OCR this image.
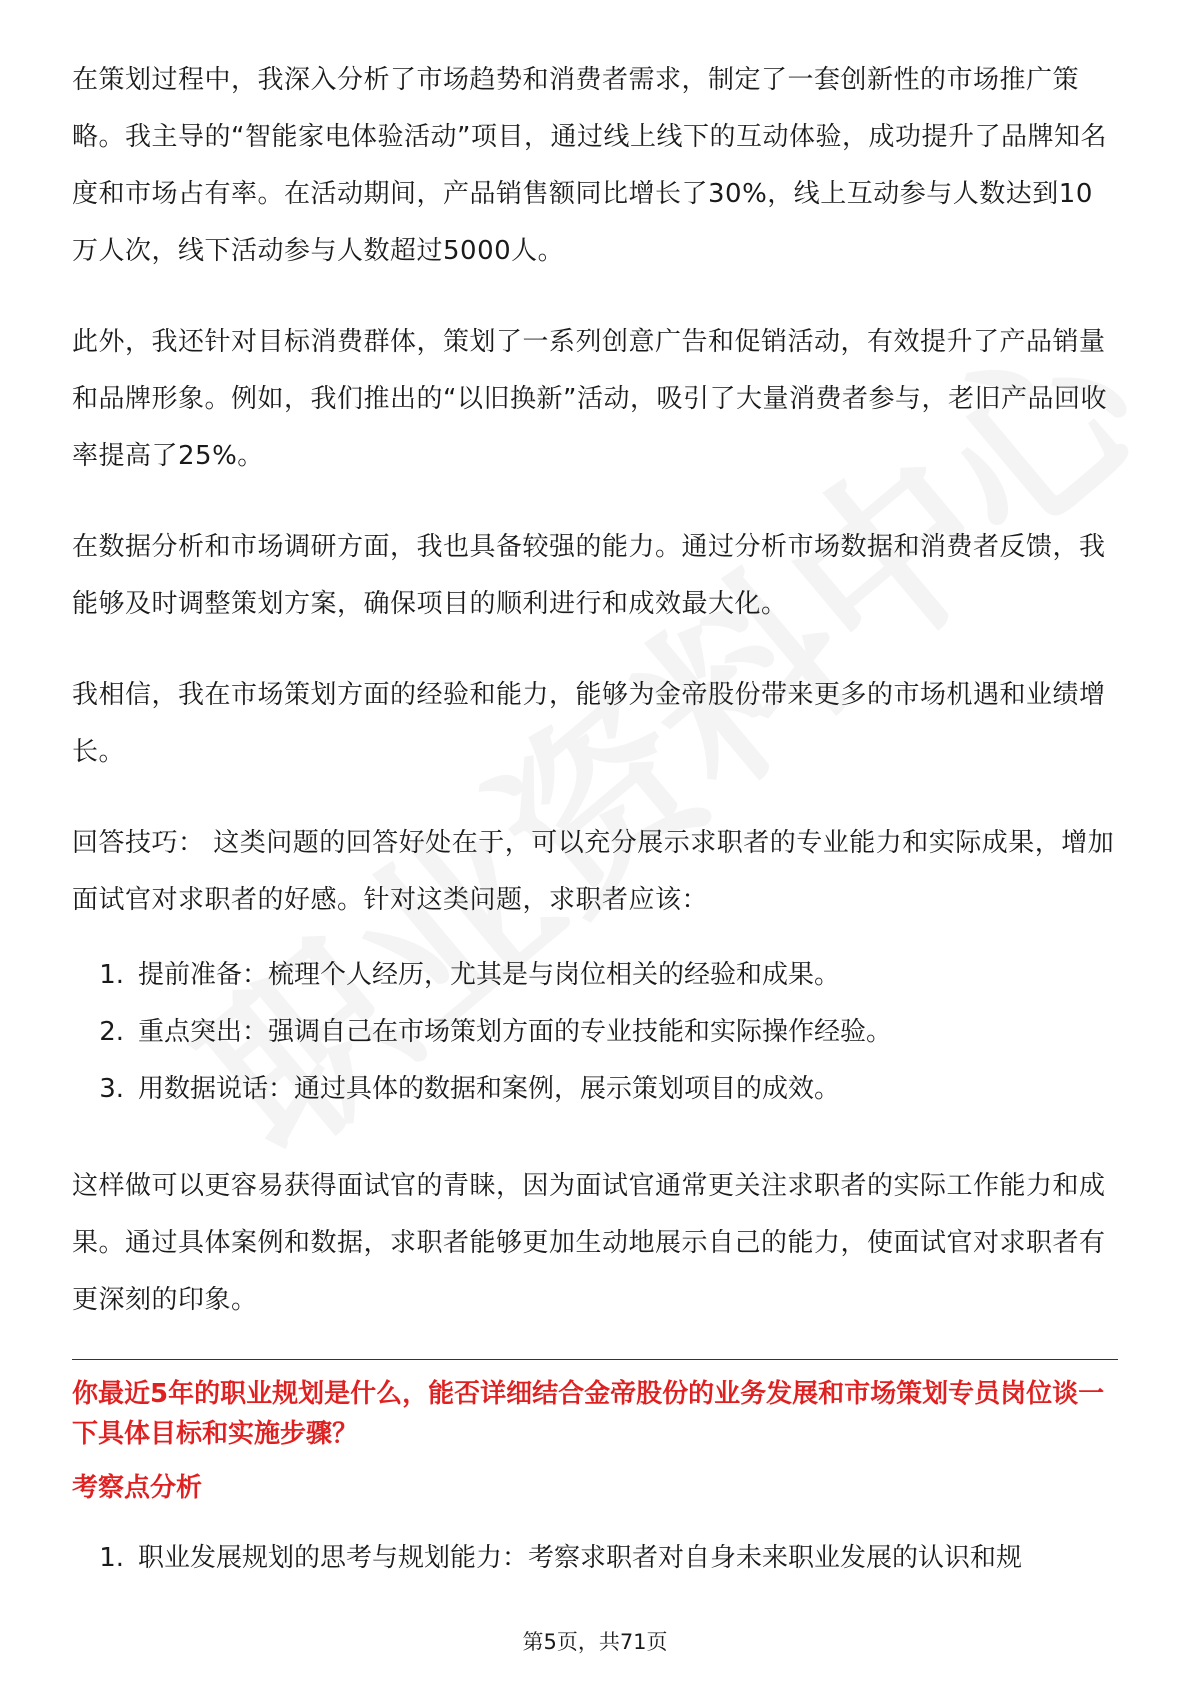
在策划过程中，我深入分析了市场趋势和消费者需求，制定了一套创新性的市场推广策略。我主导的“智能家电体验活动”项目，通过线上线下的互动体验，成功提升了品牌知名度和市场占有率。在活动期间，产品销售额同比增长了30%，线上互动参与人数达到10万人次，线下活动参与人数超过5000人。

此外，我还针对目标消费群体，策划了一系列创意广告和促销活动，有效提升了产品销量和品牌形象。例如，我们推出的“以旧换新”活动，吸引了大量消费者参与，老旧产品回收率提高了25%。

在数据分析和市场调研方面，我也具备较强的能力。通过分析市场数据和消费者反馈，我能够及时调整策划方案，确保项目的顺利进行和成效最大化。

我相信，我在市场策划方面的经验和能力，能够为金帝股份带来更多的市场机遇和业绩增长。

回答技巧： 这类问题的回答好处在于，可以充分展示求职者的专业能力和实际成果，增加面试官对求职者的好感。针对这类问题，求职者应该：

1. 提前准备：梳理个人经历，尤其是与岗位相关的经验和成果。
2. 重点突出：强调自己在市场策划方面的专业技能和实际操作经验。
3. 用数据说话：通过具体的数据和案例，展示策划项目的成效。

这样做可以更容易获得面试官的青睐，因为面试官通常更关注求职者的实际工作能力和成果。通过具体案例和数据，求职者能够更加生动地展示自己的能力，使面试官对求职者有更深刻的印象。

你最近5年的职业规划是什么，能否详细结合金帝股份的业务发展和市场策划专员岗位谈一下具体目标和实施步骤？
考察点分析
1. 职业发展规划的思考与规划能力：考察求职者对自身未来职业发展的认识和规
第5页，共71页
